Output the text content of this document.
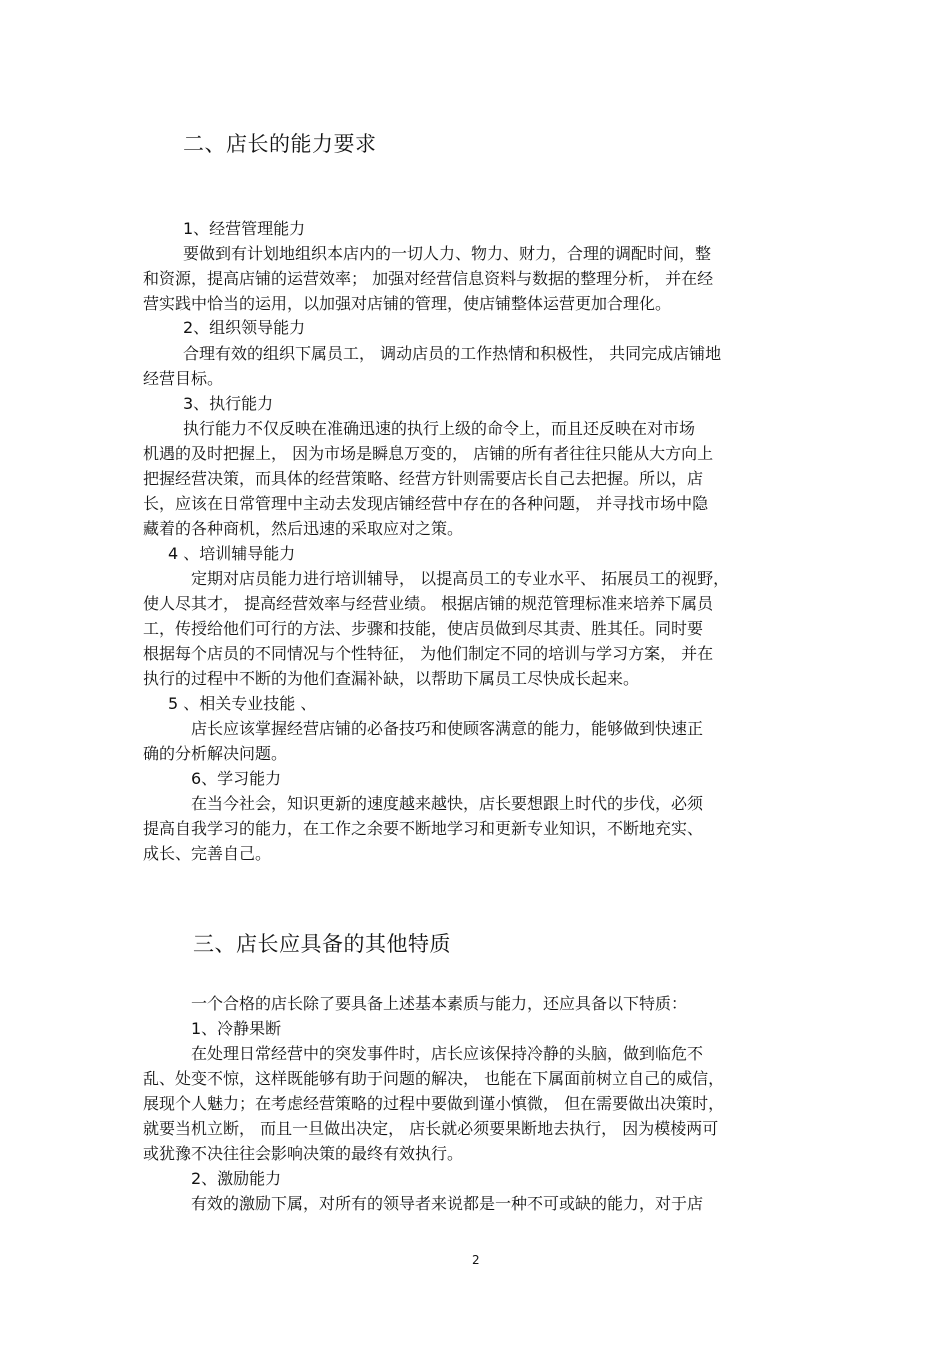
二、店长的能力要求
1、经营管理能力
要做到有计划地组织本店内的一切人力、物力、财力，合理的调配时间，整
和资源，提高店铺的运营效率； 加强对经营信息资料与数据的整理分析， 并在经
营实践中恰当的运用，以加强对店铺的管理，使店铺整体运营更加合理化。
2、组织领导能力
合理有效的组织下属员工， 调动店员的工作热情和积极性， 共同完成店铺地
经营目标。
3、执行能力
执行能力不仅反映在准确迅速的执行上级的命令上，而且还反映在对市场
机遇的及时把握上， 因为市场是瞬息万变的， 店铺的所有者往往只能从大方向上
把握经营决策，而具体的经营策略、经营方针则需要店长自己去把握。所以，店
长，应该在日常管理中主动去发现店铺经营中存在的各种问题， 并寻找市场中隐
藏着的各种商机，然后迅速的采取应对之策。
4 、培训辅导能力
定期对店员能力进行培训辅导， 以提高员工的专业水平、 拓展员工的视野，
使人尽其才， 提高经营效率与经营业绩。 根据店铺的规范管理标准来培养下属员
工，传授给他们可行的方法、步骤和技能，使店员做到尽其责、胜其任。同时要
根据每个店员的不同情况与个性特征， 为他们制定不同的培训与学习方案， 并在
执行的过程中不断的为他们查漏补缺，以帮助下属员工尽快成长起来。
5 、相关专业技能 、
店长应该掌握经营店铺的必备技巧和使顾客满意的能力，能够做到快速正
确的分析解决问题。
6、学习能力
在当今社会，知识更新的速度越来越快，店长要想跟上时代的步伐，必须
提高自我学习的能力，在工作之余要不断地学习和更新专业知识，不断地充实、
成长、完善自己。
三、店长应具备的其他特质
一个合格的店长除了要具备上述基本素质与能力，还应具备以下特质：
1、冷静果断
在处理日常经营中的突发事件时，店长应该保持冷静的头脑，做到临危不
乱、处变不惊，这样既能够有助于问题的解决， 也能在下属面前树立自己的威信，
展现个人魅力；在考虑经营策略的过程中要做到谨小慎微， 但在需要做出决策时，
就要当机立断， 而且一旦做出决定， 店长就必须要果断地去执行， 因为模棱两可
或犹豫不决往往会影响决策的最终有效执行。
2、激励能力
有效的激励下属，对所有的领导者来说都是一种不可或缺的能力，对于店
2
